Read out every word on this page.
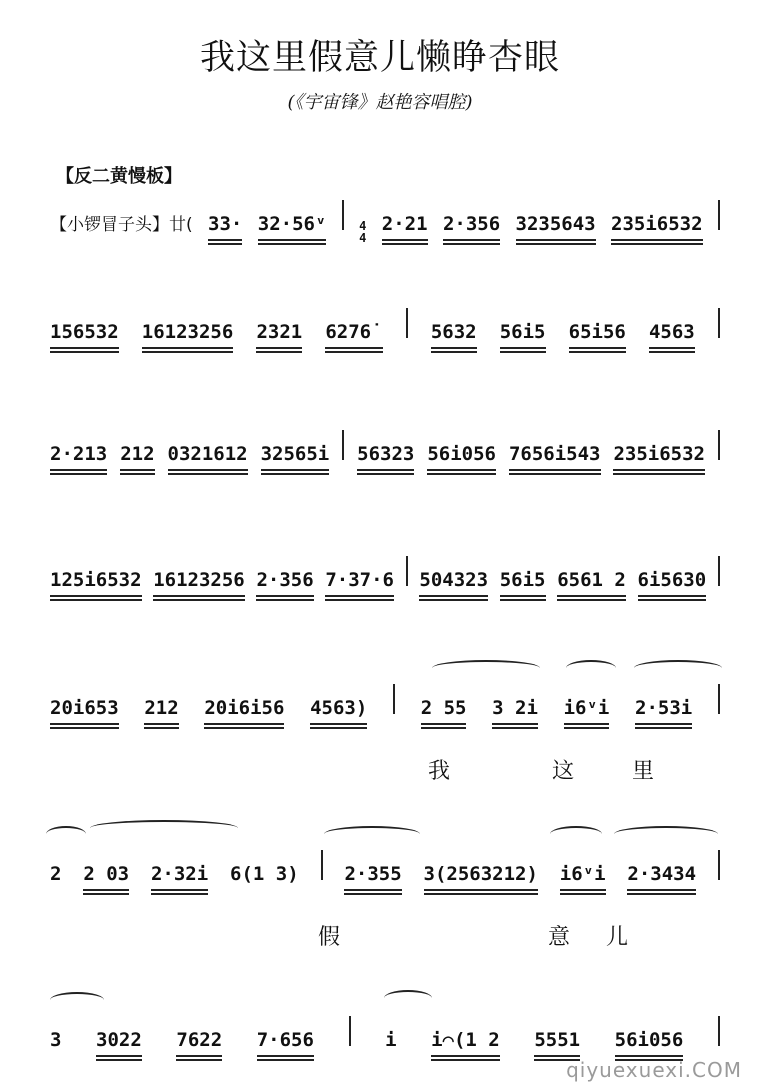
我这里假意儿懒睁杏眼
(《宇宙锋》赵艳容唱腔)
【反二黄慢板】
【小锣冒子头】廿( 33· 32·56ᵛ	4
4
2·21 2·356 3235643 235i6532
156532 16123256 2321 6276˙	5632 56i5 65i56 4563
2·213 212 0321612 32565i 56323 56i056 7656i543 235i6532
125i6532 16123256 2·356 7·37·6 504323 56i5 6561 2 6i5630
20i653 212 20i6i56 4563)	2 55 3 2i i6ᵛi 2·53i
我	这	里
2 2 03 2·32i 6(1 3) 2·355 3(2563212) i6ᵛi 2·3434
假	意 儿
3 3022 7622 7·656	i i⌒(1 2 5551 56i056
qiyuexuexi.COM
